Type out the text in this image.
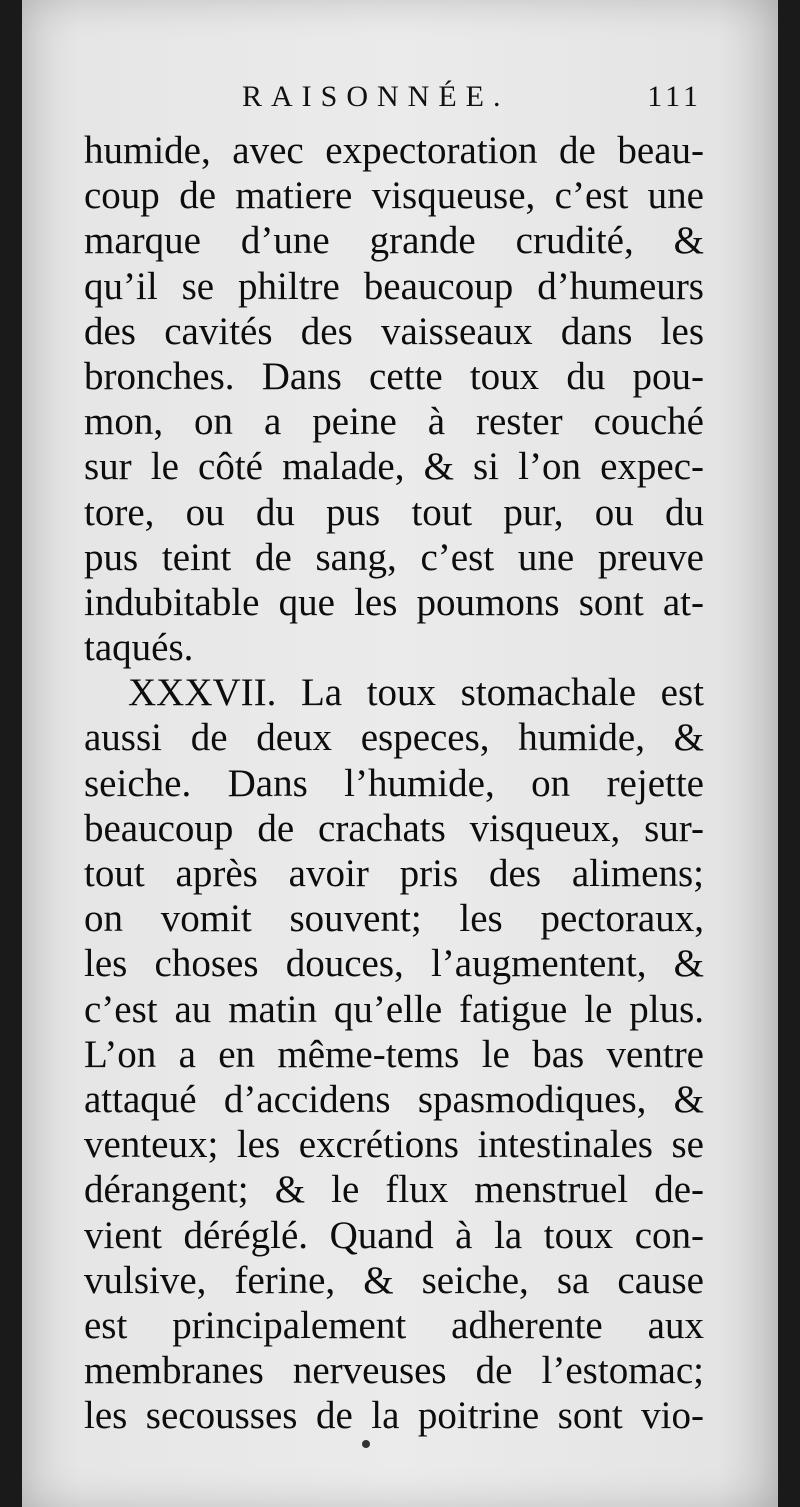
RAISONNÉE.	111
humide, avec expectoration de beau-
coup de matiere visqueuse, c’est une
marque d’une grande crudité, &
qu’il se philtre beaucoup d’humeurs
des cavités des vaisseaux dans les
bronches. Dans cette toux du pou-
mon, on a peine à rester couché
sur le côté malade, & si l’on expec-
tore, ou du pus tout pur, ou du
pus teint de sang, c’est une preuve
indubitable que les poumons sont at-
taqués.
XXXVII. La toux stomachale est
aussi de deux especes, humide, &
seiche. Dans l’humide, on rejette
beaucoup de crachats visqueux, sur-
tout après avoir pris des alimens;
on vomit souvent; les pectoraux,
les choses douces, l’augmentent, &
c’est au matin qu’elle fatigue le plus.
L’on a en même-tems le bas ventre
attaqué d’accidens spasmodiques, &
venteux; les excrétions intestinales se
dérangent; & le flux menstruel de-
vient déréglé. Quand à la toux con-
vulsive, ferine, & seiche, sa cause
est principalement adherente aux
membranes nerveuses de l’estomac;
les secousses de la poitrine sont vio-
